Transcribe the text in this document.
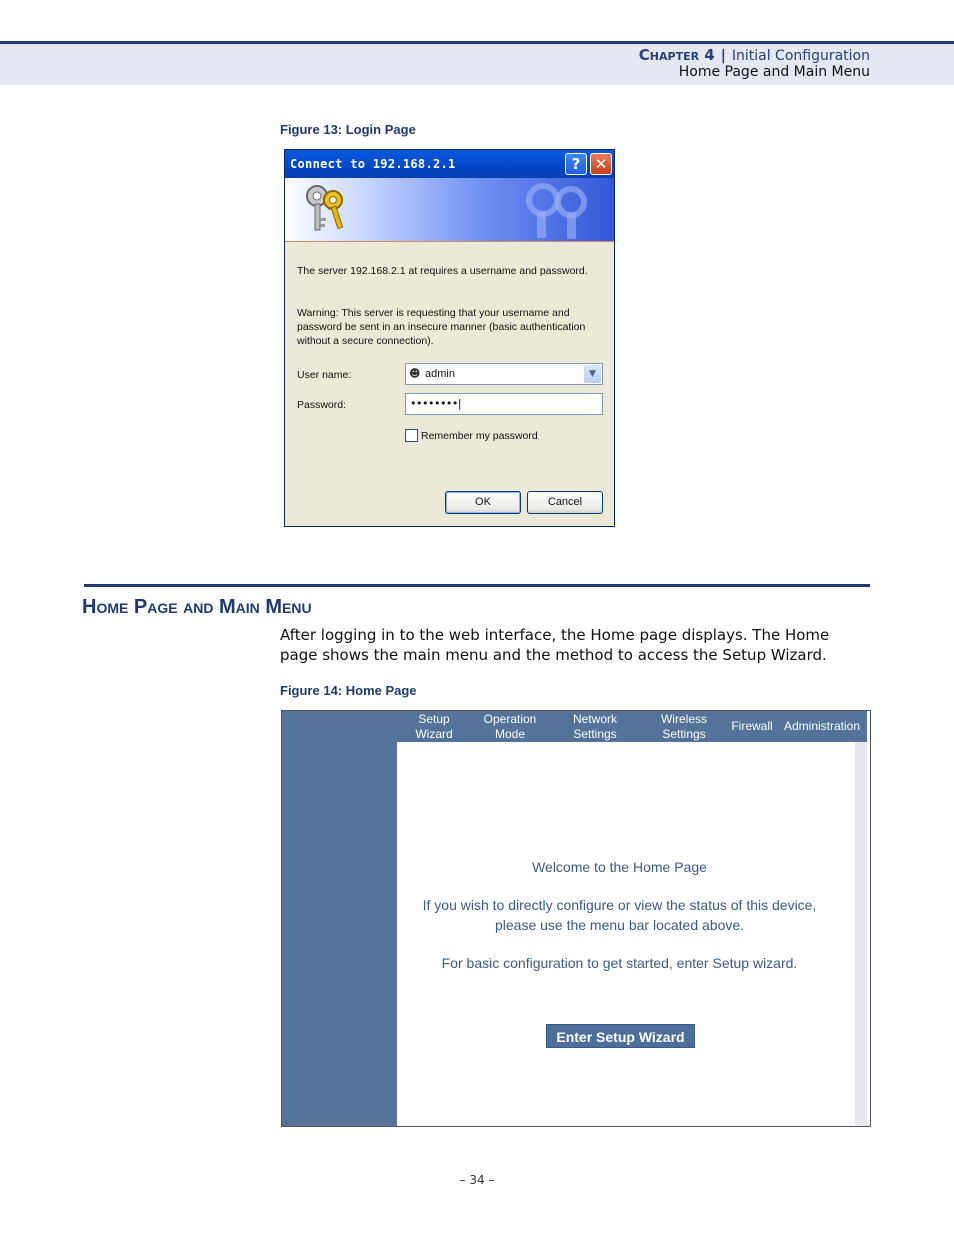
Chapter 4 | Initial Configuration
Home Page and Main Menu
Figure 13: Login Page
Connect to 192.168.2.1	? ✕
The server 192.168.2.1 at requires a username and password.
Warning: This server is requesting that your username and password be sent in an insecure manner (basic authentication without a secure connection).
User name:	☻ admin	▼
Password:	••••••••|
Remember my password
OK	Cancel
Home Page and Main Menu
After logging in to the web interface, the Home page displays. The Home page shows the main menu and the method to access the Setup Wizard.
Figure 14: Home Page
Setup
Wizard
Operation
Mode
Network
Settings
Wireless
Settings
Firewall Administration
Welcome to the Home Page
If you wish to directly configure or view the status of this device,
please use the menu bar located above.
For basic configuration to get started, enter Setup wizard.
Enter Setup Wizard
– 34 –
